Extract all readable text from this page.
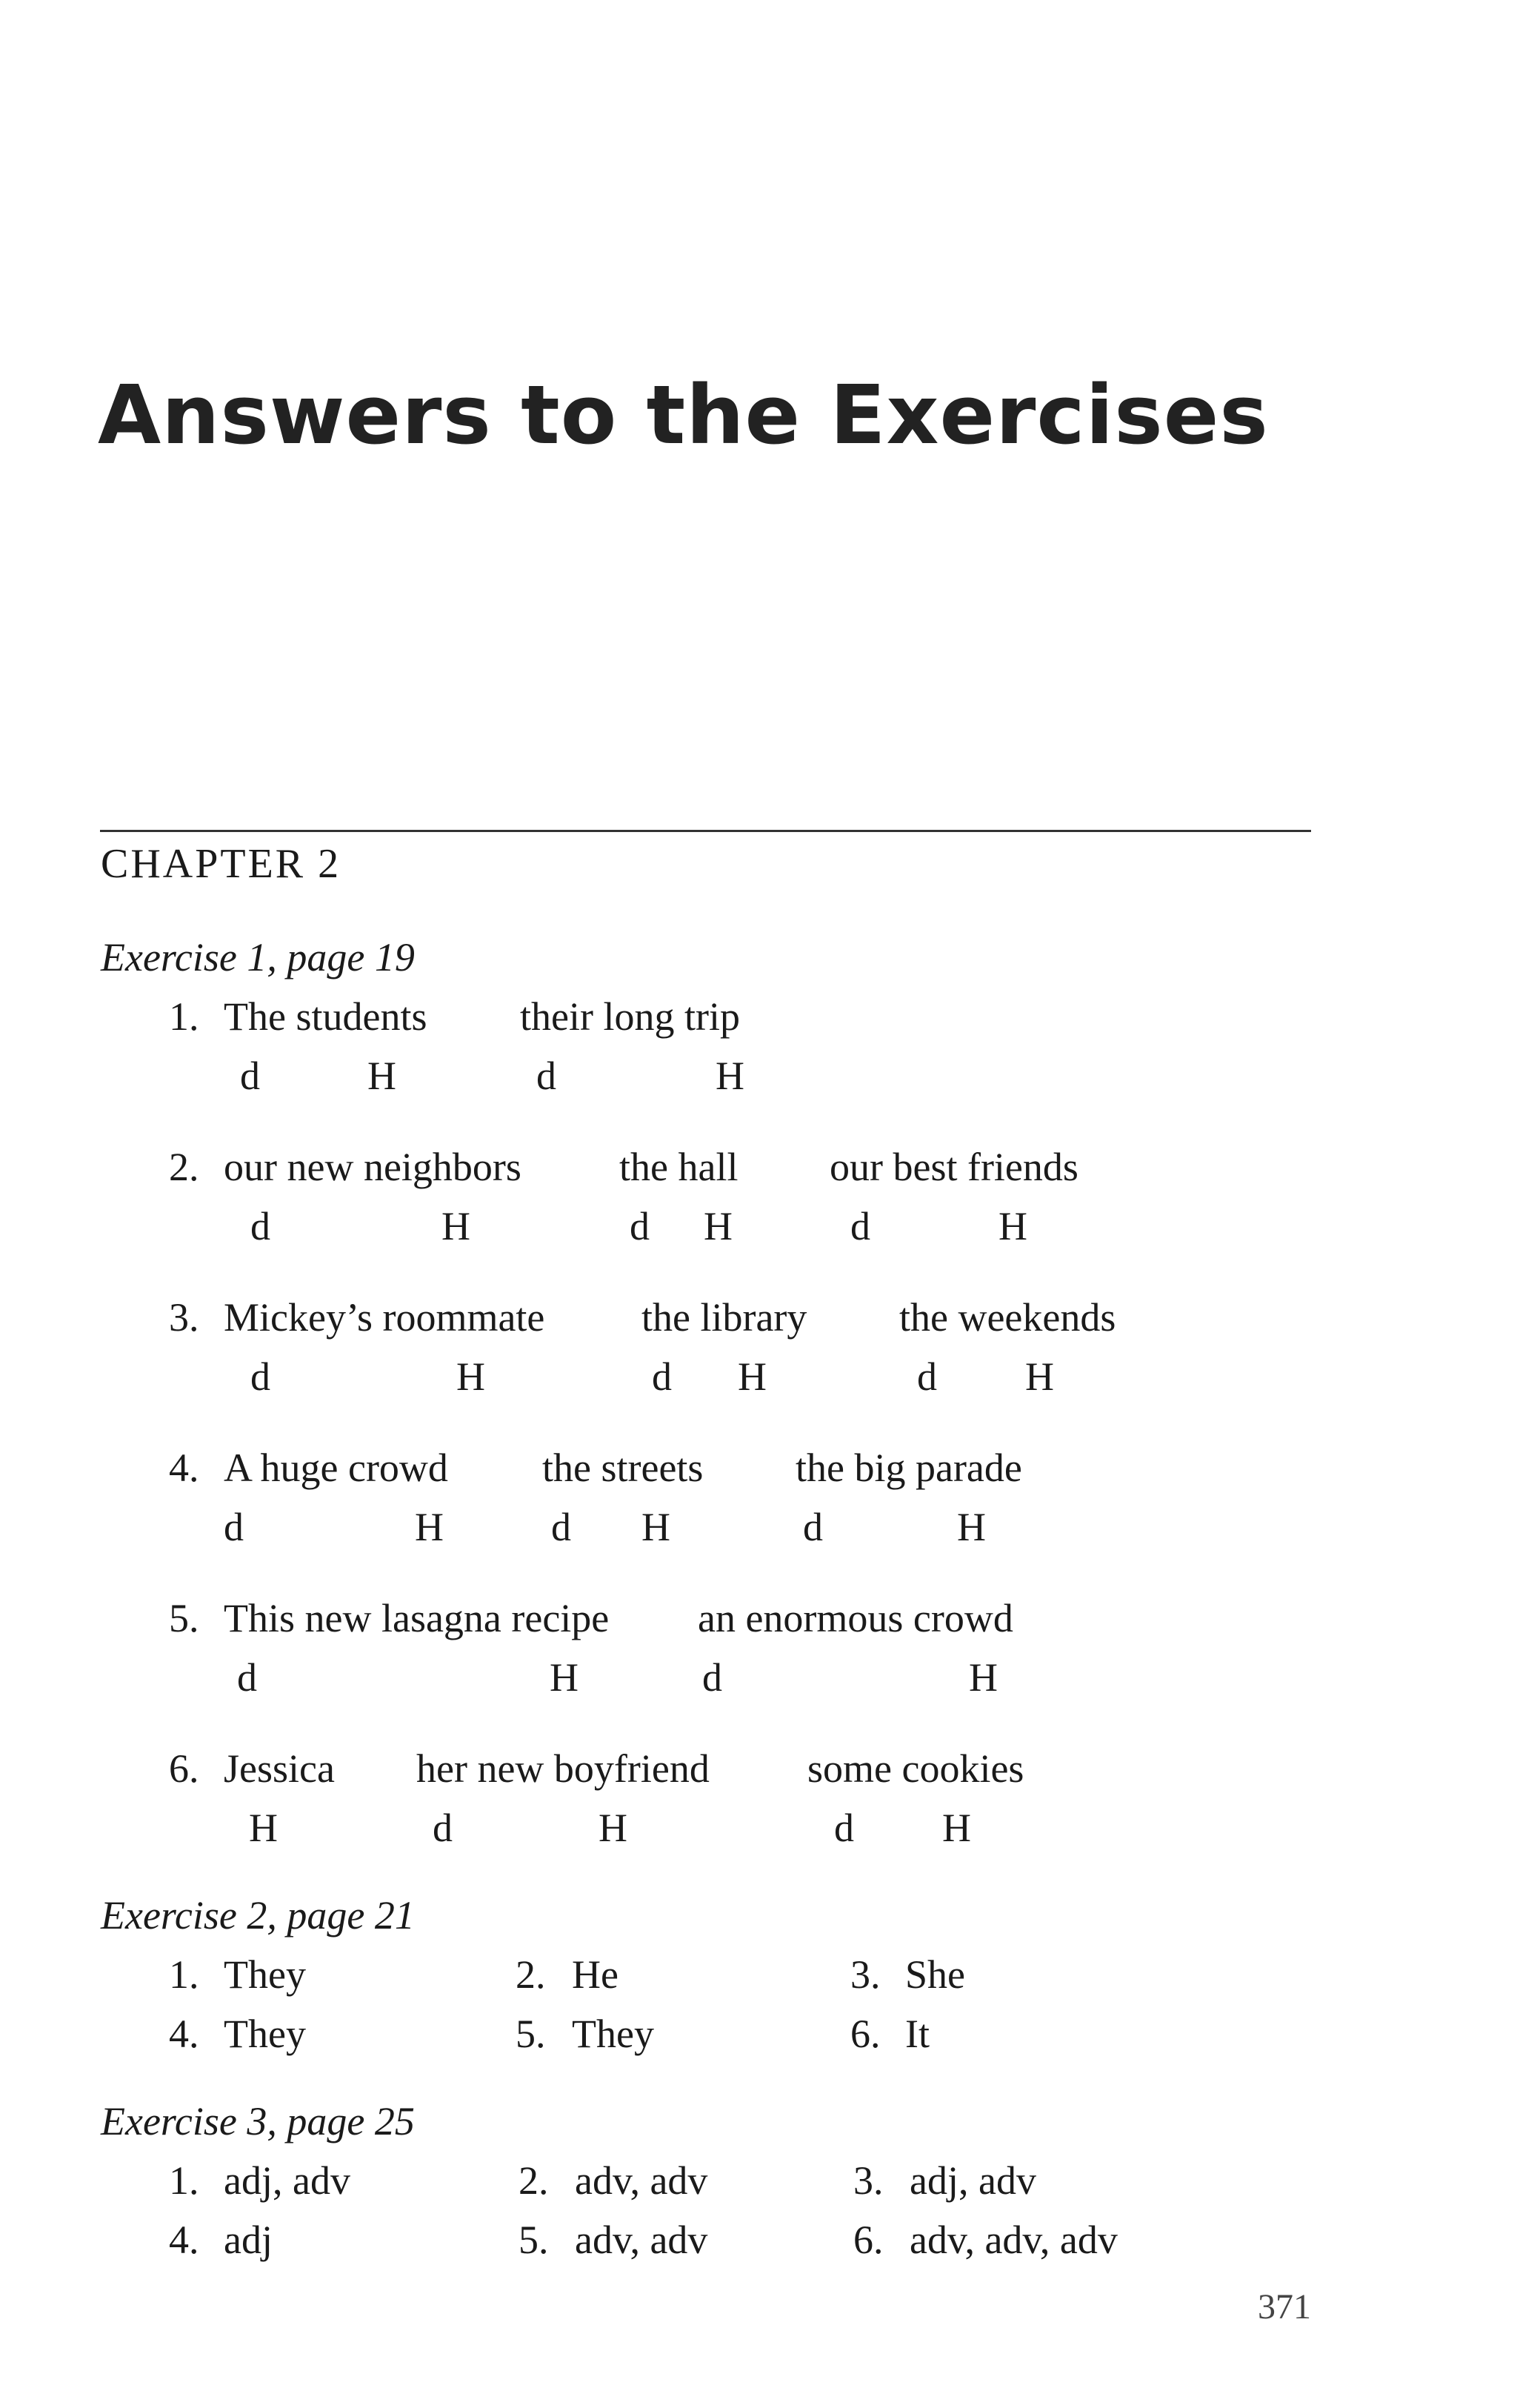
Answers to the Exercises
CHAPTER 2
Exercise 1, page 19
1. The students their long trip
d	H	d	H
2. our new neighbors the hall our best friends
d	H	d H	d	H
3. Mickey’s roommate the library the weekends
d	H	d H	d H
4. A huge crowd the streets the big parade
d	H	d H	d	H
5. This new lasagna recipe an enormous crowd
d	H	d	H
6. Jessica her new boyfriend some cookies
H	d	H	d H
Exercise 2, page 21
1. They	2. He	3. She
4. They	5. They	6. It
Exercise 3, page 25
1. adj, adv	2. adv, adv	3. adj, adv
4. adj	5. adv, adv	6. adv, adv, adv
371
